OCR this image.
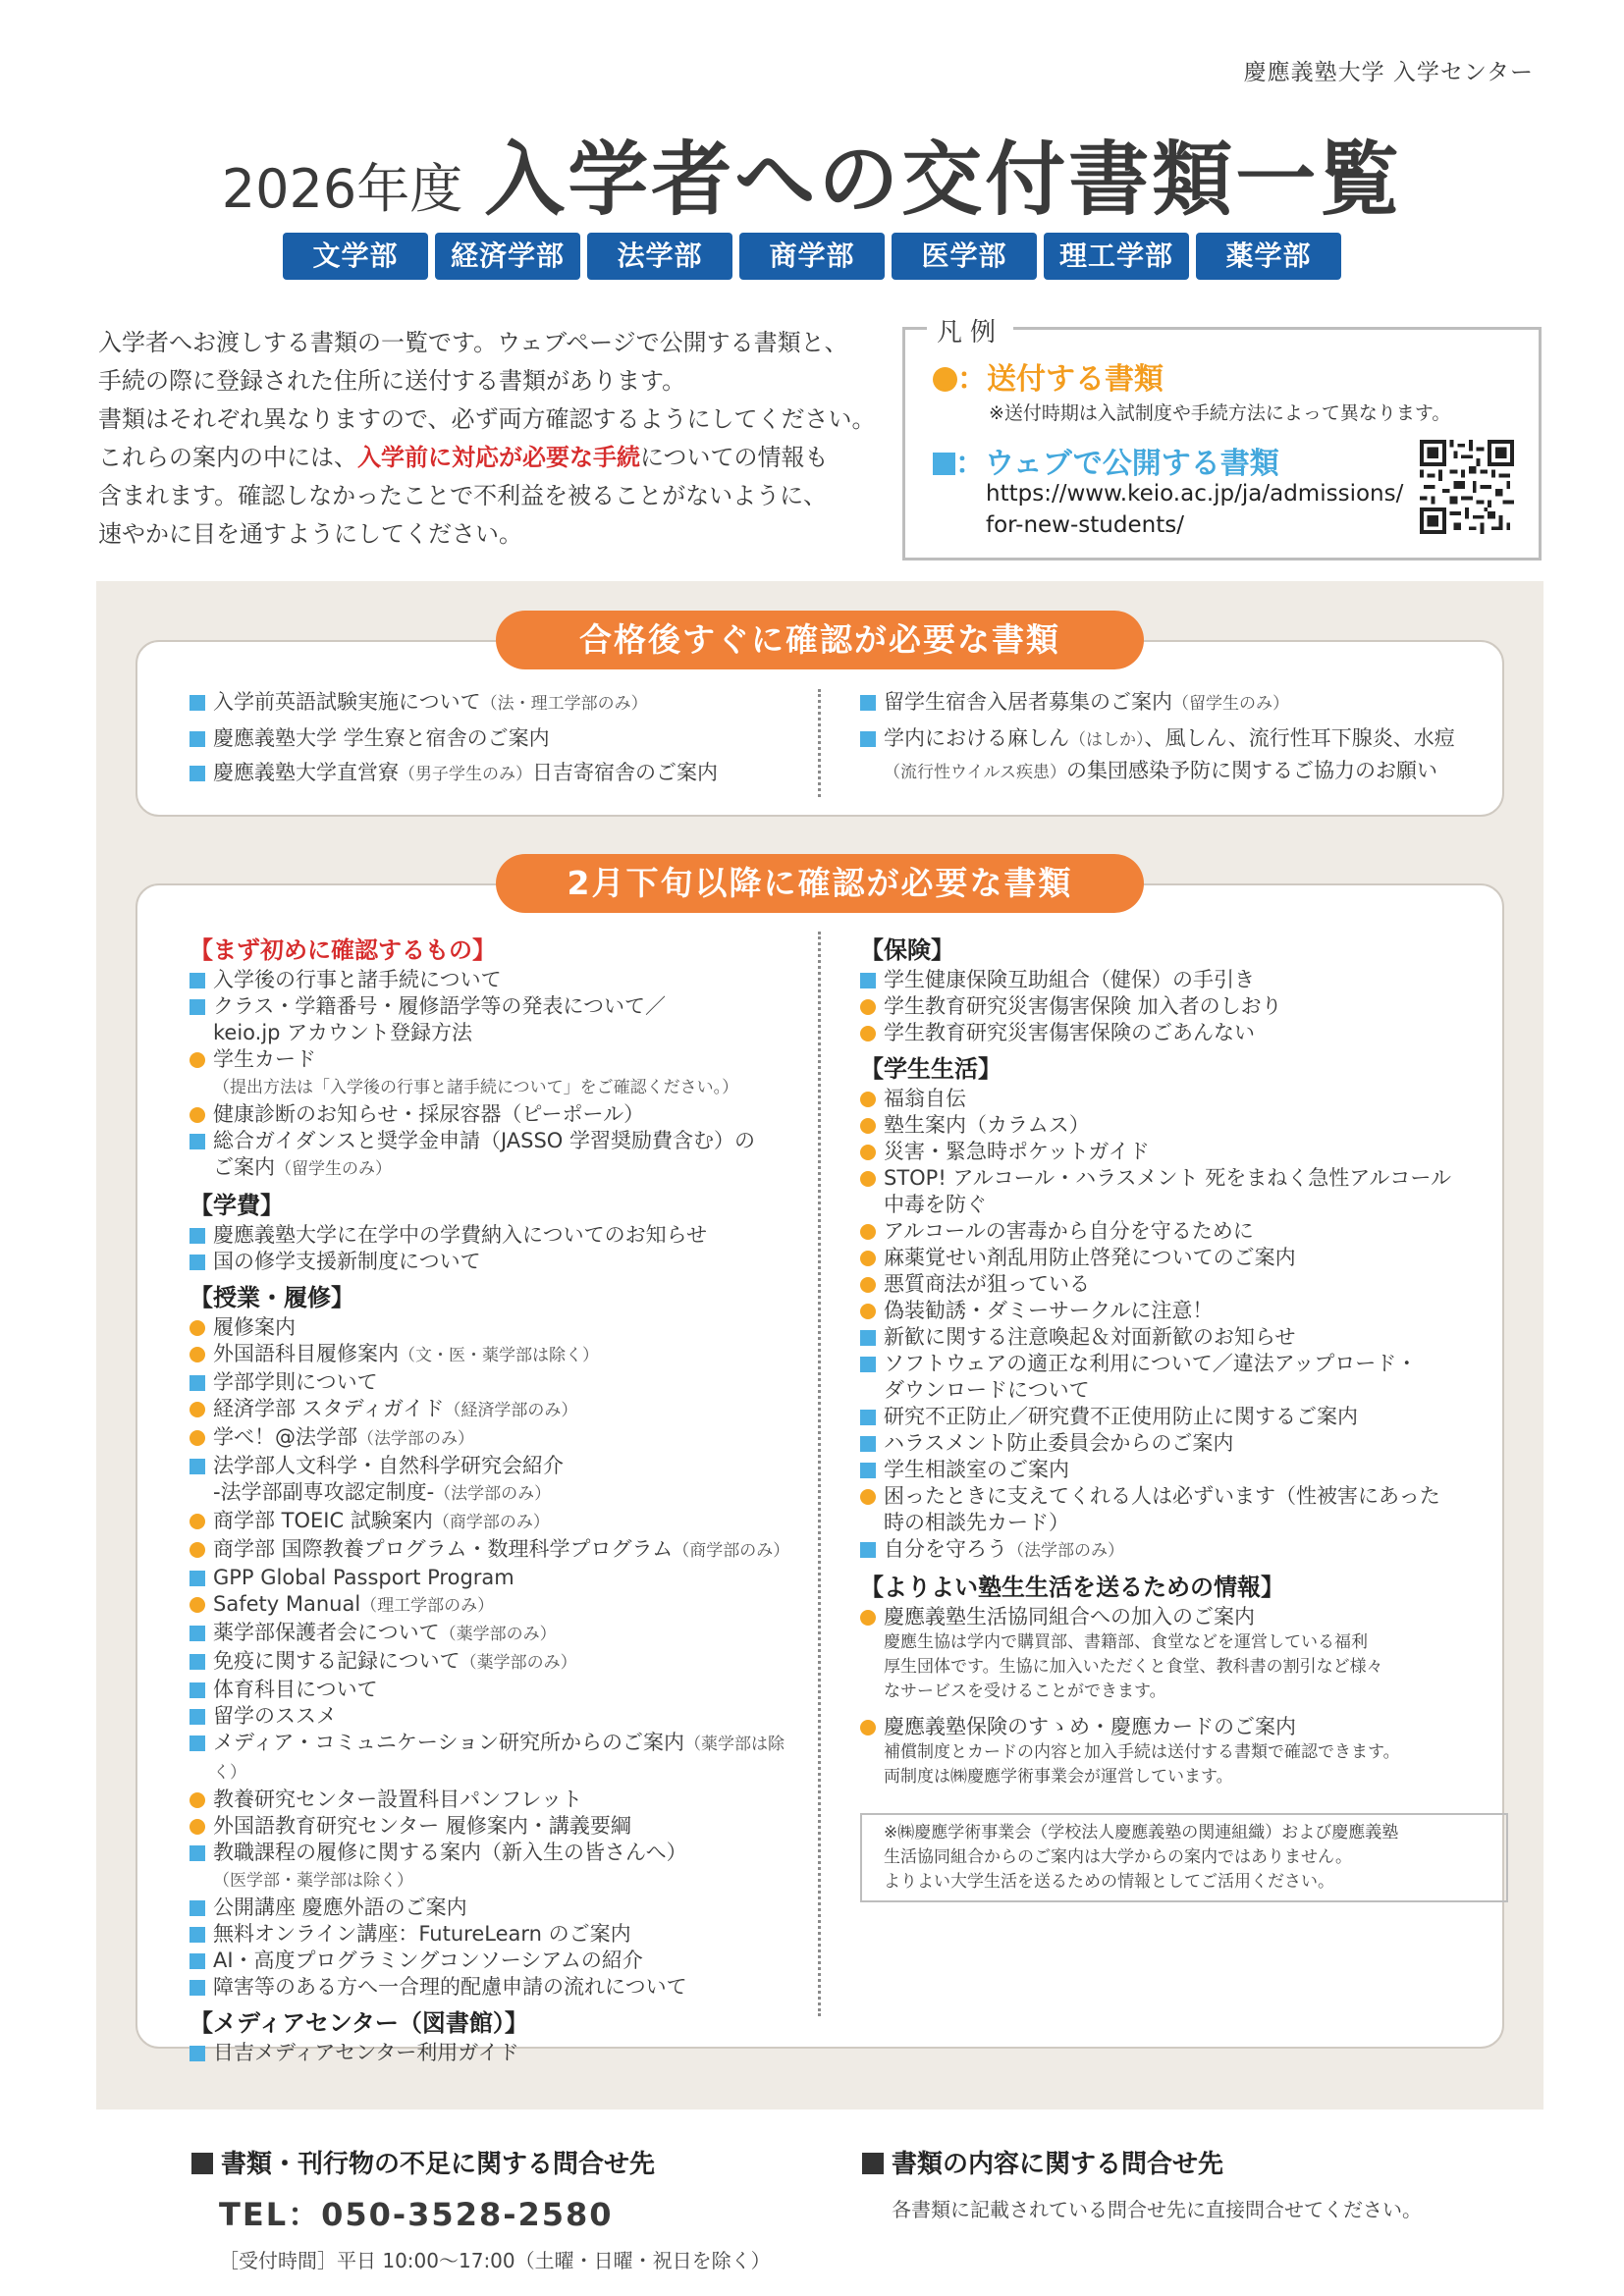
慶應義塾大学 入学センター
2026年度 入学者への交付書類一覧
文学部 経済学部 法学部 商学部 医学部 理工学部 薬学部
入学者へお渡しする書類の一覧です。ウェブページで公開する書類と、
手続の際に登録された住所に送付する書類があります。
書類はそれぞれ異なりますので、必ず両方確認するようにしてください。
これらの案内の中には、入学前に対応が必要な手続についての情報も
含まれます。確認しなかったことで不利益を被ることがないように、
速やかに目を通すようにしてください。
凡例
：送付する書類
※送付時期は入試制度や手続方法によって異なります。
：ウェブで公開する書類
https://www.keio.ac.jp/ja/admissions/
for-new-students/
合格後すぐに確認が必要な書類
入学前英語試験実施について（法・理工学部のみ）
慶應義塾大学 学生寮と宿舎のご案内
慶應義塾大学直営寮（男子学生のみ）日吉寄宿舎のご案内
留学生宿舎入居者募集のご案内（留学生のみ）
学内における麻しん（はしか）、風しん、流行性耳下腺炎、水痘
（流行性ウイルス疾患）の集団感染予防に関するご協力のお願い
2月下旬以降に確認が必要な書類
【まず初めに確認するもの】
入学後の行事と諸手続について
クラス・学籍番号・履修語学等の発表について／
keio.jp アカウント登録方法
学生カード
（提出方法は「入学後の行事と諸手続について」をご確認ください。）
健康診断のお知らせ・採尿容器（ピーポール）
総合ガイダンスと奨学金申請（JASSO 学習奨励費含む）の
ご案内（留学生のみ）
【学費】
慶應義塾大学に在学中の学費納入についてのお知らせ
国の修学支援新制度について
【授業・履修】
履修案内
外国語科目履修案内（文・医・薬学部は除く）
学部学則について
経済学部 スタディガイド（経済学部のみ）
学べ！@法学部（法学部のみ）
法学部人文科学・自然科学研究会紹介
-法学部副専攻認定制度-（法学部のみ）
商学部 TOEIC 試験案内（商学部のみ）
商学部 国際教養プログラム・数理科学プログラム（商学部のみ）
GPP Global Passport Program
Safety Manual（理工学部のみ）
薬学部保護者会について（薬学部のみ）
免疫に関する記録について（薬学部のみ）
体育科目について
留学のススメ
メディア・コミュニケーション研究所からのご案内（薬学部は除く）
教養研究センター設置科目パンフレット
外国語教育研究センター 履修案内・講義要綱
教職課程の履修に関する案内（新入生の皆さんへ）
（医学部・薬学部は除く）
公開講座 慶應外語のご案内
無料オンライン講座：FutureLearn のご案内
AI・高度プログラミングコンソーシアムの紹介
障害等のある方へ一合理的配慮申請の流れについて
【メディアセンター（図書館）】
日吉メディアセンター利用ガイド
【保険】
学生健康保険互助組合（健保）の手引き
学生教育研究災害傷害保険 加入者のしおり
学生教育研究災害傷害保険のごあんない
【学生生活】
福翁自伝
塾生案内（カラムス）
災害・緊急時ポケットガイド
STOP! アルコール・ハラスメント 死をまねく急性アルコール
中毒を防ぐ
アルコールの害毒から自分を守るために
麻薬覚せい剤乱用防止啓発についてのご案内
悪質商法が狙っている
偽装勧誘・ダミーサークルに注意！
新歓に関する注意喚起＆対面新歓のお知らせ
ソフトウェアの適正な利用について／違法アップロード・
ダウンロードについて
研究不正防止／研究費不正使用防止に関するご案内
ハラスメント防止委員会からのご案内
学生相談室のご案内
困ったときに支えてくれる人は必ずいます（性被害にあった
時の相談先カード）
自分を守ろう（法学部のみ）
【よりよい塾生生活を送るための情報】
慶應義塾生活協同組合への加入のご案内
慶應生協は学内で購買部、書籍部、食堂などを運営している福利
厚生団体です。生協に加入いただくと食堂、教科書の割引など様々
なサービスを受けることができます。
慶應義塾保険のすゝめ・慶應カードのご案内
補償制度とカードの内容と加入手続は送付する書類で確認できます。
両制度は㈱慶應学術事業会が運営しています。
※㈱慶應学術事業会（学校法人慶應義塾の関連組織）および慶應義塾
生活協同組合からのご案内は大学からの案内ではありません。
よりよい大学生活を送るための情報としてご活用ください。
書類・刊行物の不足に関する問合せ先
TEL：050-3528-2580
［受付時間］平日 10:00～17:00（土曜・日曜・祝日を除く）
書類の内容に関する問合せ先
各書類に記載されている問合せ先に直接問合せてください。
